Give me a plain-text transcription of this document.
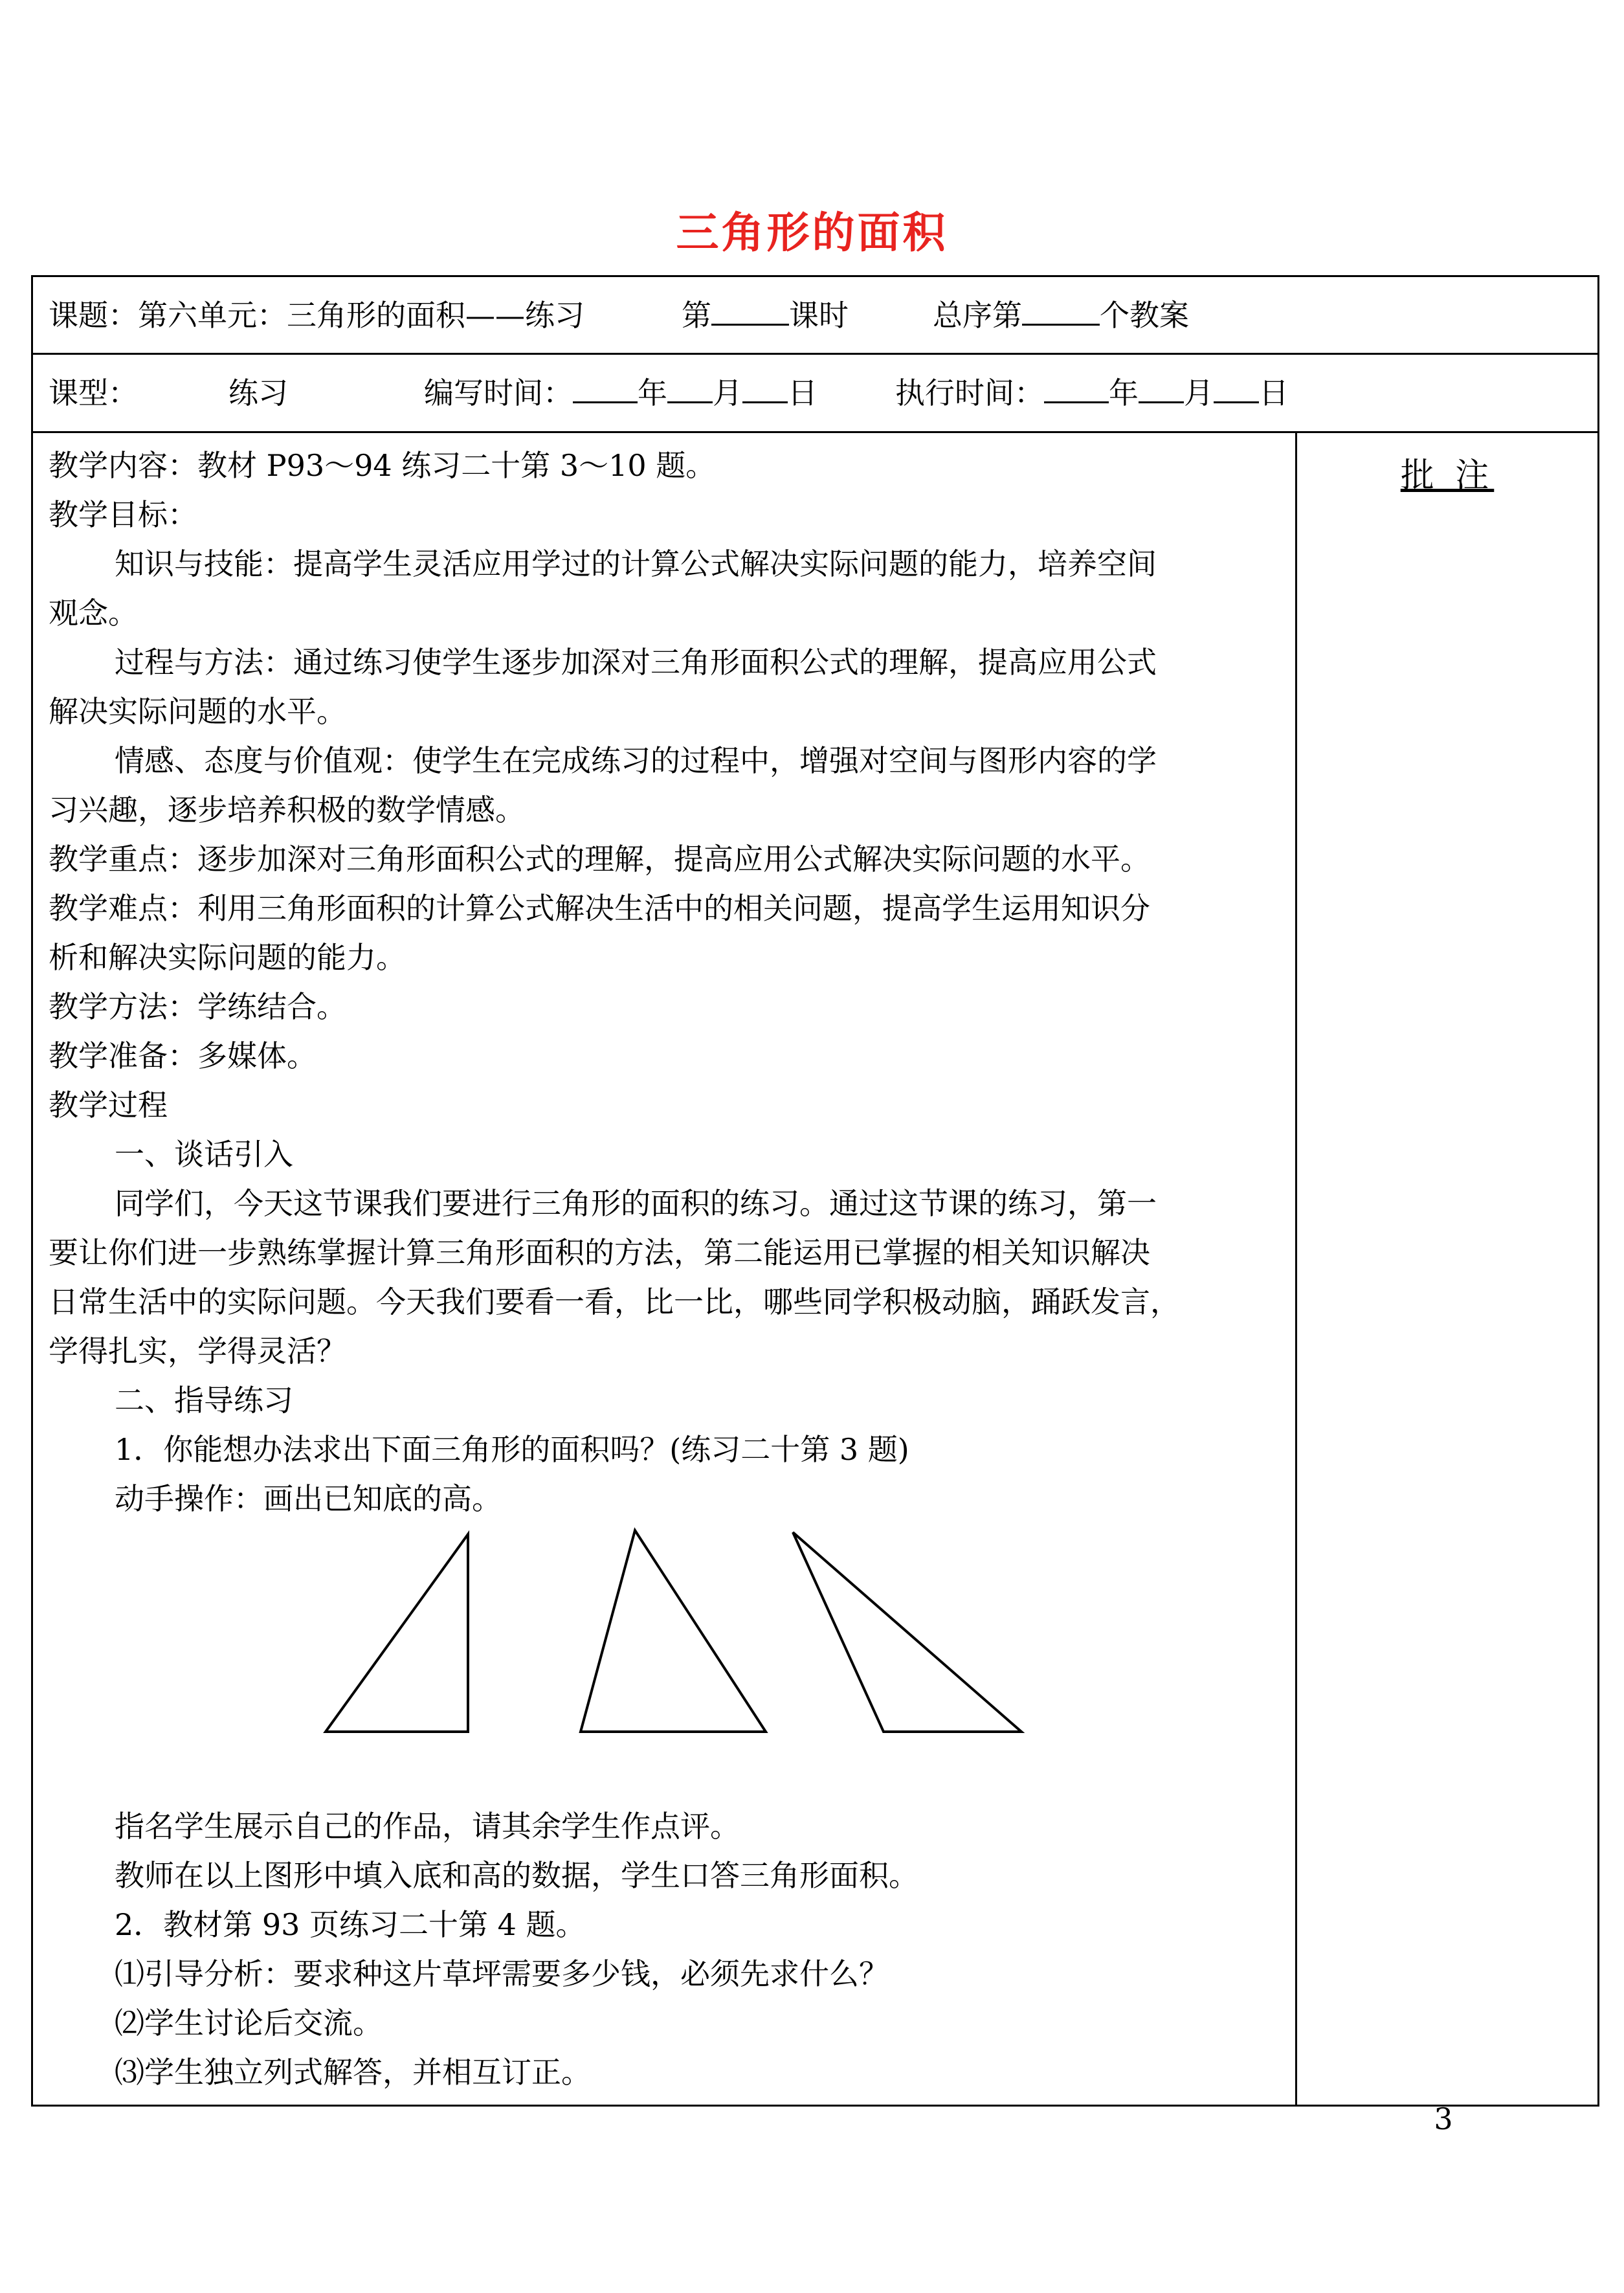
三角形的面积
课题：第六单元：三角形的面积——练习	第	课时	总序第	个教案
课型：	练习	编写时间： 年 月 日	执行时间： 年 月 日

教学内容：教材 P93～94 练习二十第 3～10 题。
教学目标：
知识与技能：提高学生灵活应用学过的计算公式解决实际问题的能力，培养空间
观念。
过程与方法：通过练习使学生逐步加深对三角形面积公式的理解，提高应用公式
解决实际问题的水平。
情感、态度与价值观：使学生在完成练习的过程中，增强对空间与图形内容的学
习兴趣，逐步培养积极的数学情感。
教学重点：逐步加深对三角形面积公式的理解，提高应用公式解决实际问题的水平。
教学难点：利用三角形面积的计算公式解决生活中的相关问题，提高学生运用知识分
析和解决实际问题的能力。
教学方法：学练结合。
教学准备：多媒体。
教学过程
一、谈话引入
同学们，今天这节课我们要进行三角形的面积的练习。通过这节课的练习，第一
要让你们进一步熟练掌握计算三角形面积的方法，第二能运用已掌握的相关知识解决
日常生活中的实际问题。今天我们要看一看，比一比，哪些同学积极动脑，踊跃发言，
学得扎实，学得灵活？
二、指导练习
1．你能想办法求出下面三角形的面积吗？(练习二十第 3 题)
动手操作：画出已知底的高。
指名学生展示自己的作品，请其余学生作点评。
教师在以上图形中填入底和高的数据，学生口答三角形面积。
2．教材第 93 页练习二十第 4 题。
⑴引导分析：要求种这片草坪需要多少钱，必须先求什么？
⑵学生讨论后交流。
⑶学生独立列式解答，并相互订正。
	批 注
3
